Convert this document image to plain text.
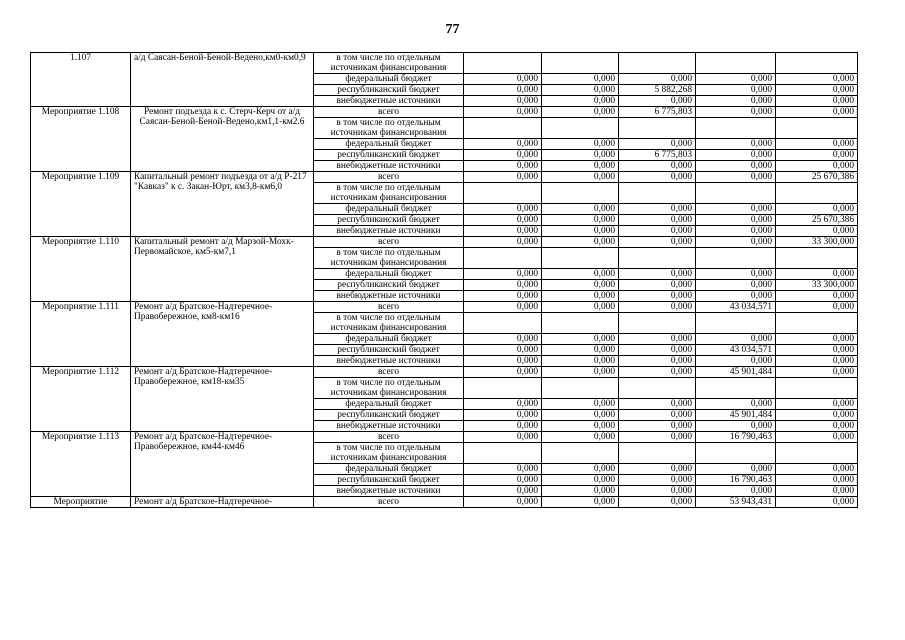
77
1.107	а/д Саясан-Беной-Беной-Ведено,км0-км0,9	в том числе по отдельным источникам финансирования					
		федеральный бюджет	0,000	0,000	0,000	0,000	0,000
		республиканский бюджет	0,000	0,000	5 882,268	0,000	0,000
		внебюджетные источники	0,000	0,000	0,000	0,000	0,000
Мероприятие 1.108	Ремонт подъезда к с. Стерч-Керч от а/д Саясан-Беной-Беной-Ведено,км1,1-км2.6	всего	0,000	0,000	6 775,803	0,000	0,000
		в том числе по отдельным источникам финансирования					
		федеральный бюджет	0,000	0,000	0,000	0,000	0,000
		республиканский бюджет	0,000	0,000	6 775,803	0,000	0,000
		внебюджетные источники	0,000	0,000	0,000	0,000	0,000
Мероприятие 1.109	Капитальный ремонт подъезда от а/д Р-217 "Кавказ" к с. Закан-Юрт, км3,8-км6,0	всего	0,000	0,000	0,000	0,000	25 670,386
		в том числе по отдельным источникам финансирования					
		федеральный бюджет	0,000	0,000	0,000	0,000	0,000
		республиканский бюджет	0,000	0,000	0,000	0,000	25 670,386
		внебюджетные источники	0,000	0,000	0,000	0,000	0,000
Мероприятие 1.110	Капитальный ремонт а/д Марзой-Мохк-Первомайское, км5-км7,1	всего	0,000	0,000	0,000	0,000	33 300,000
		в том числе по отдельным источникам финансирования					
		федеральный бюджет	0,000	0,000	0,000	0,000	0,000
		республиканский бюджет	0,000	0,000	0,000	0,000	33 300,000
		внебюджетные источники	0,000	0,000	0,000	0,000	0,000
Мероприятие 1.111	Ремонт а/д Братское-Надтеречное-Правобережное, км8-км16	всего	0,000	0,000	0,000	43 034,571	0,000
		в том числе по отдельным источникам финансирования					
		федеральный бюджет	0,000	0,000	0,000	0,000	0,000
		республиканский бюджет	0,000	0,000	0,000	43 034,571	0,000
		внебюджетные источники	0,000	0,000	0,000	0,000	0,000
Мероприятие 1.112	Ремонт а/д Братское-Надтеречное-Правобережное, км18-км35	всего	0,000	0,000	0,000	45 901,484	0,000
		в том числе по отдельным источникам финансирования					
		федеральный бюджет	0,000	0,000	0,000	0,000	0,000
		республиканский бюджет	0,000	0,000	0,000	45 901,484	0,000
		внебюджетные источники	0,000	0,000	0,000	0,000	0,000
Мероприятие 1.113	Ремонт а/д Братское-Надтеречное-Правобережное, км44-км46	всего	0,000	0,000	0,000	16 790,463	0,000
		в том числе по отдельным источникам финансирования					
		федеральный бюджет	0,000	0,000	0,000	0,000	0,000
		республиканский бюджет	0,000	0,000	0,000	16 790,463	0,000
		внебюджетные источники	0,000	0,000	0,000	0,000	0,000
Мероприятие	Ремонт а/д Братское-Надтеречное-	всего	0,000	0,000	0,000	53 943,431	0,000
